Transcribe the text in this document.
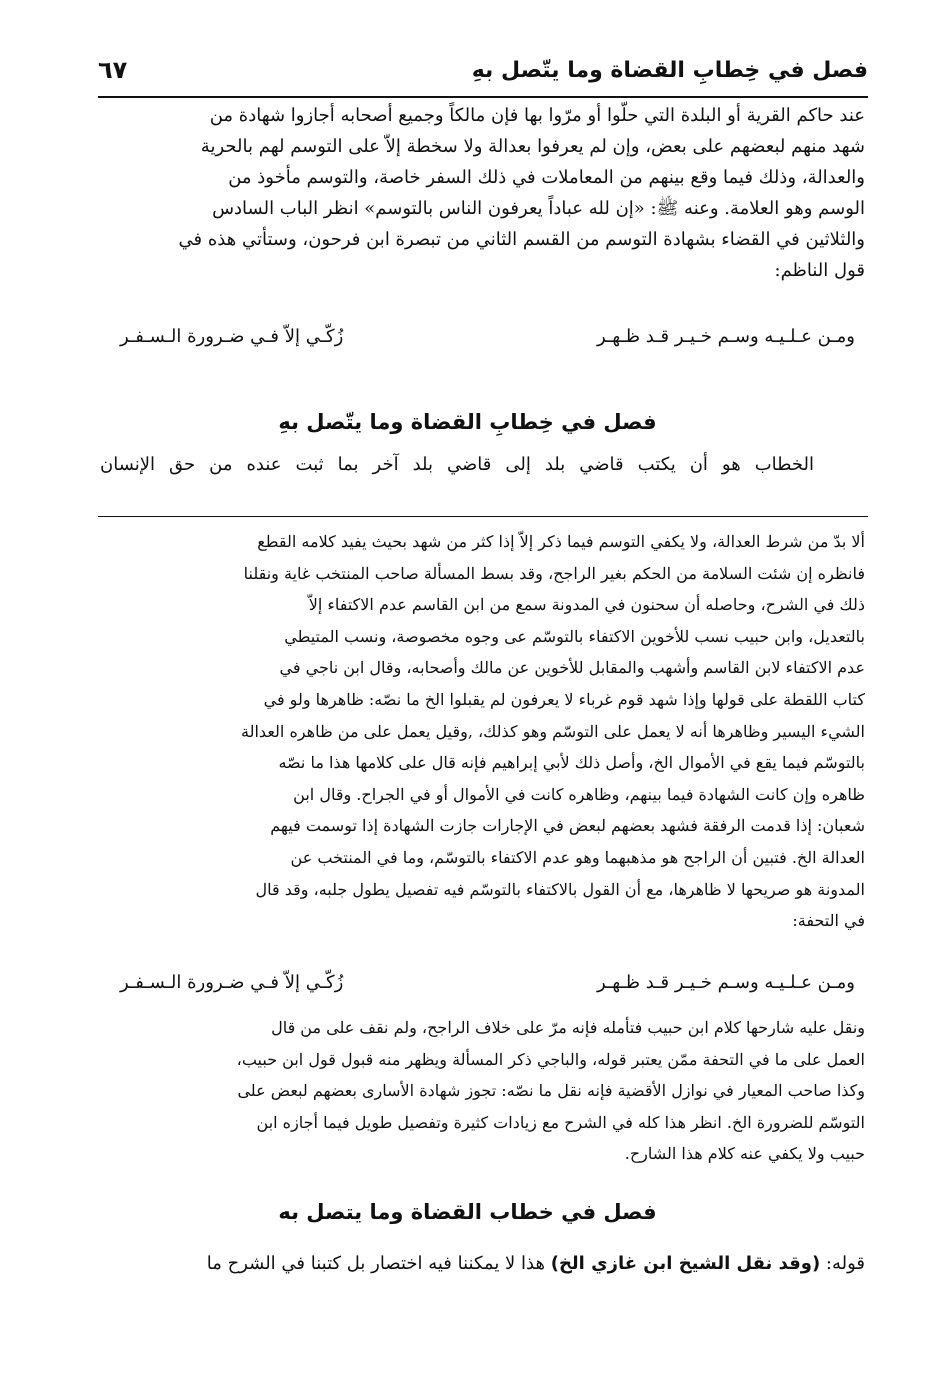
فصل في خِطابِ القضاة وما يتّصل بهِ
٦٧

عند حاكم القرية أو البلدة التي حلّوا أو مرّوا بها فإن مالكاً وجميع أصحابه أجازوا شهادة من

شهد منهم لبعضهم على بعض، وإن لم يعرفوا بعدالة ولا سخطة إلاّ على التوسم لهم بالحرية

والعدالة، وذلك فيما وقع بينهم من المعاملات في ذلك السفر خاصة، والتوسم مأخوذ من

الوسم وهو العلامة. وعنه ﷺ: «إن لله عباداً يعرفون الناس بالتوسم» انظر الباب السادس

والثلاثين في القضاء بشهادة التوسم من القسم الثاني من تبصرة ابن فرحون، وستأتي هذه في

قول الناظم:

ومـن عـلـيـه وسـم خـيـر قـد ظـهـر
زُكّـي إلاّ فـي ضـرورة الـسـفـر
فصل في خِطابِ القضاة وما يتّصل بهِ
الخطاب هو أن يكتب قاضي بلد إلى قاضي بلد آخر بما ثبت عنده من حق الإنسان

ألا بدّ من شرط العدالة، ولا يكفي التوسم فيما ذكر إلاّ إذا كثر من شهد بحيث يفيد كلامه القطع

فانظره إن شئت السلامة من الحكم بغير الراجح، وقد بسط المسألة صاحب المنتخب غاية ونقلنا

ذلك في الشرح، وحاصله أن سحنون في المدونة سمع من ابن القاسم عدم الاكتفاء إلاّ

بالتعديل، وابن حبيب نسب للأخوين الاكتفاء بالتوسّم عى وجوه مخصوصة، ونسب المتيطي

عدم الاكتفاء لابن القاسم وأشهب والمقابل للأخوين عن مالك وأصحابه، وقال ابن ناجي في

كتاب اللقطة على قولها وإذا شهد قوم غرباء لا يعرفون لم يقبلوا الخ ما نصّه: ظاهرها ولو في

الشيء اليسير وظاهرها أنه لا يعمل على التوسّم وهو كذلك، ,وقيل يعمل على من ظاهره العدالة

بالتوسّم فيما يقع في الأموال الخ، وأصل ذلك لأبي إبراهيم فإنه قال على كلامها هذا ما نصّه

ظاهره وإن كانت الشهادة فيما بينهم، وظاهره كانت في الأموال أو في الجراح. وقال ابن

شعبان: إذا قدمت الرفقة فشهد بعضهم لبعض في الإجارات جازت الشهادة إذا توسمت فيهم

العدالة الخ. فتبين أن الراجح هو مذهبهما وهو عدم الاكتفاء بالتوسّم، وما في المنتخب عن

المدونة هو صريحها لا ظاهرها، مع أن القول بالاكتفاء بالتوسّم فيه تفصيل يطول جلبه، وقد قال

في التحفة:

ومـن عـلـيـه وسـم خـيـر قـد ظـهـر
زُكّـي إلاّ فـي ضـرورة الـسـفـر

ونقل عليه شارحها كلام ابن حبيب فتأمله فإنه مرّ على خلاف الراجح، ولم نقف على من قال

العمل على ما في التحفة ممّن يعتبر قوله، والباجي ذكر المسألة ويظهر منه قبول قول ابن حبيب،

وكذا صاحب المعيار في نوازل الأقضية فإنه نقل ما نصّه: تجوز شهادة الأسارى بعضهم لبعض على

التوسّم للضرورة الخ. انظر هذا كله في الشرح مع زيادات كثيرة وتفصيل طويل فيما أجازه ابن

حبيب ولا يكفي عنه كلام هذا الشارح.

فصل في خطاب القضاة وما يتصل به

قوله: (وقد نقل الشيخ ابن غازي الخ) هذا لا يمكننا فيه اختصار بل كتبنا في الشرح ما
